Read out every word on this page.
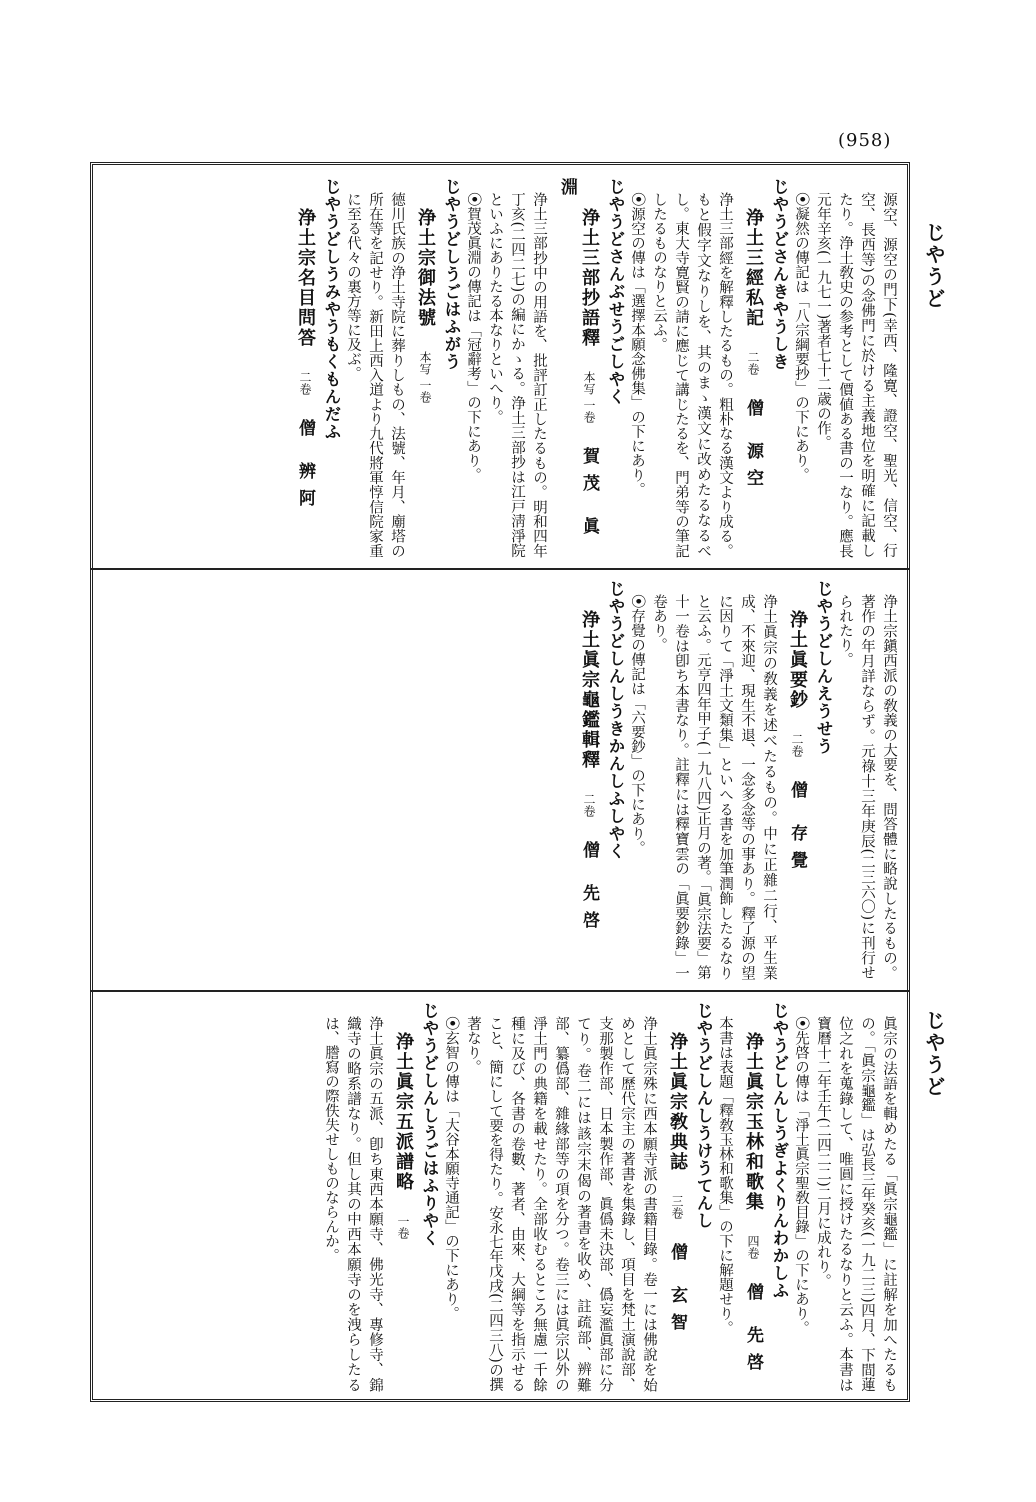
(958)
じやうど
じやうど

源空、源空の門下(幸西、隆寛、證空、聖光、信空、行空、長西等)の念佛門に於ける主義地位を明確に記載したり。浄土敎史の参考として價値ある書の一なり。應長元年辛亥(一九七一)著者七十二歳の作。

⦿凝然の傳記は「八宗綱要抄」の下にあり。

じやうどさんきやうしき
浄土三經私記 二卷 僧 源空

浄土三部經を解釋したるもの。粗朴なる漢文より成る。もと假字文なりしを、其のまゝ漢文に改めたるなるべし。東大寺寛賢の請に應じて講じたるを、門弟等の筆記したるものなりと云ふ。

⦿源空の傳は「選擇本願念佛集」の下にあり。

じやうどさんぶせうごしやく
浄土三部抄語釋 本写 一卷 賀茂 眞淵

浄土三部抄中の用語を、批評訂正したるもの。明和四年丁亥(二四二七)の編にかゝる。浄土三部抄は江戸淸淨院といふにありたる本なりといへり。

⦿賀茂眞淵の傳記は「冠辭考」の下にあり。

じやうどしうごはふがう
浄土宗御法號 本写 一卷

德川氏族の浄土寺院に葬りしもの、法號、年月、廟塔の所在等を記せり。新田上西入道より九代將軍惇信院家重に至る代々の裏方等に及ぶ。

じやうどしうみやうもくもんだふ
浄土宗名目問答 二卷 僧 辨阿

浄土宗鎭西派の敎義の大要を、問答體に略說したるもの。著作の年月詳ならず。元祿十三年庚辰(二三六〇)に刊行せられたり。

じやうどしんえうせう
浄土眞要鈔 二卷 僧 存覺

浄土眞宗の敎義を述べたるもの。中に正雜二行、平生業成、不來迎、現生不退、一念多念等の事あり。釋了源の望に因りて「淨土文類集」といへる書を加筆潤飾したるなりと云ふ。元亨四年甲子(一九八四)正月の著。「眞宗法要」第十一卷は卽ち本書なり。註釋には釋寶雲の「眞要鈔錄」一卷あり。

⦿存覺の傳記は「六要鈔」の下にあり。

じやうどしんしうきかんしふしやく
浄土眞宗龜鑑輯釋 二卷 僧 先啓

眞宗の法語を輯めたる「眞宗龜鑑」に註解を加へたるもの。「眞宗龜鑑」は弘長三年癸亥(一九二三)四月、下間蓮位之れを蒐錄して、唯圓に授けたるなりと云ふ。本書は寶曆十二年壬午(二四二二)二月に成れり。

⦿先啓の傳は「淨土眞宗聖敎目錄」の下にあり。

じやうどしんしうぎよくりんわかしふ
浄土眞宗玉林和歌集 四卷 僧 先啓

本書は表題「釋敎玉林和歌集」の下に解題せり。

じやうどしんしうけうてんし
浄土眞宗敎典誌 三卷 僧 玄智

浄土眞宗殊に西本願寺派の書籍目錄。卷一には佛說を始めとして歷代宗主の著書を集錄し、項目を梵土演說部、支那製作部、日本製作部、眞僞未決部、僞妄濫眞部に分てり。卷二には該宗末偈の著書を收め、註疏部、辨難部、纂僞部、雜緣部等の項を分つ。卷三には眞宗以外の淨土門の典籍を載せたり。全部收むるところ無慮一千餘種に及び、各書の卷數、著者、由來、大綱等を指示せること、簡にして要を得たり。安永七年戊戌(二四三八)の撰著なり。

⦿玄智の傳は「大谷本願寺通記」の下にあり。

じやうどしんしうごはふりやく
浄土眞宗五派譜略 一卷

浄土眞宗の五派、卽ち東西本願寺、佛光寺、專修寺、錦織寺の略系譜なり。但し其の中西本願寺のを洩らしたるは、謄寫の際佚失せしものならんか。
